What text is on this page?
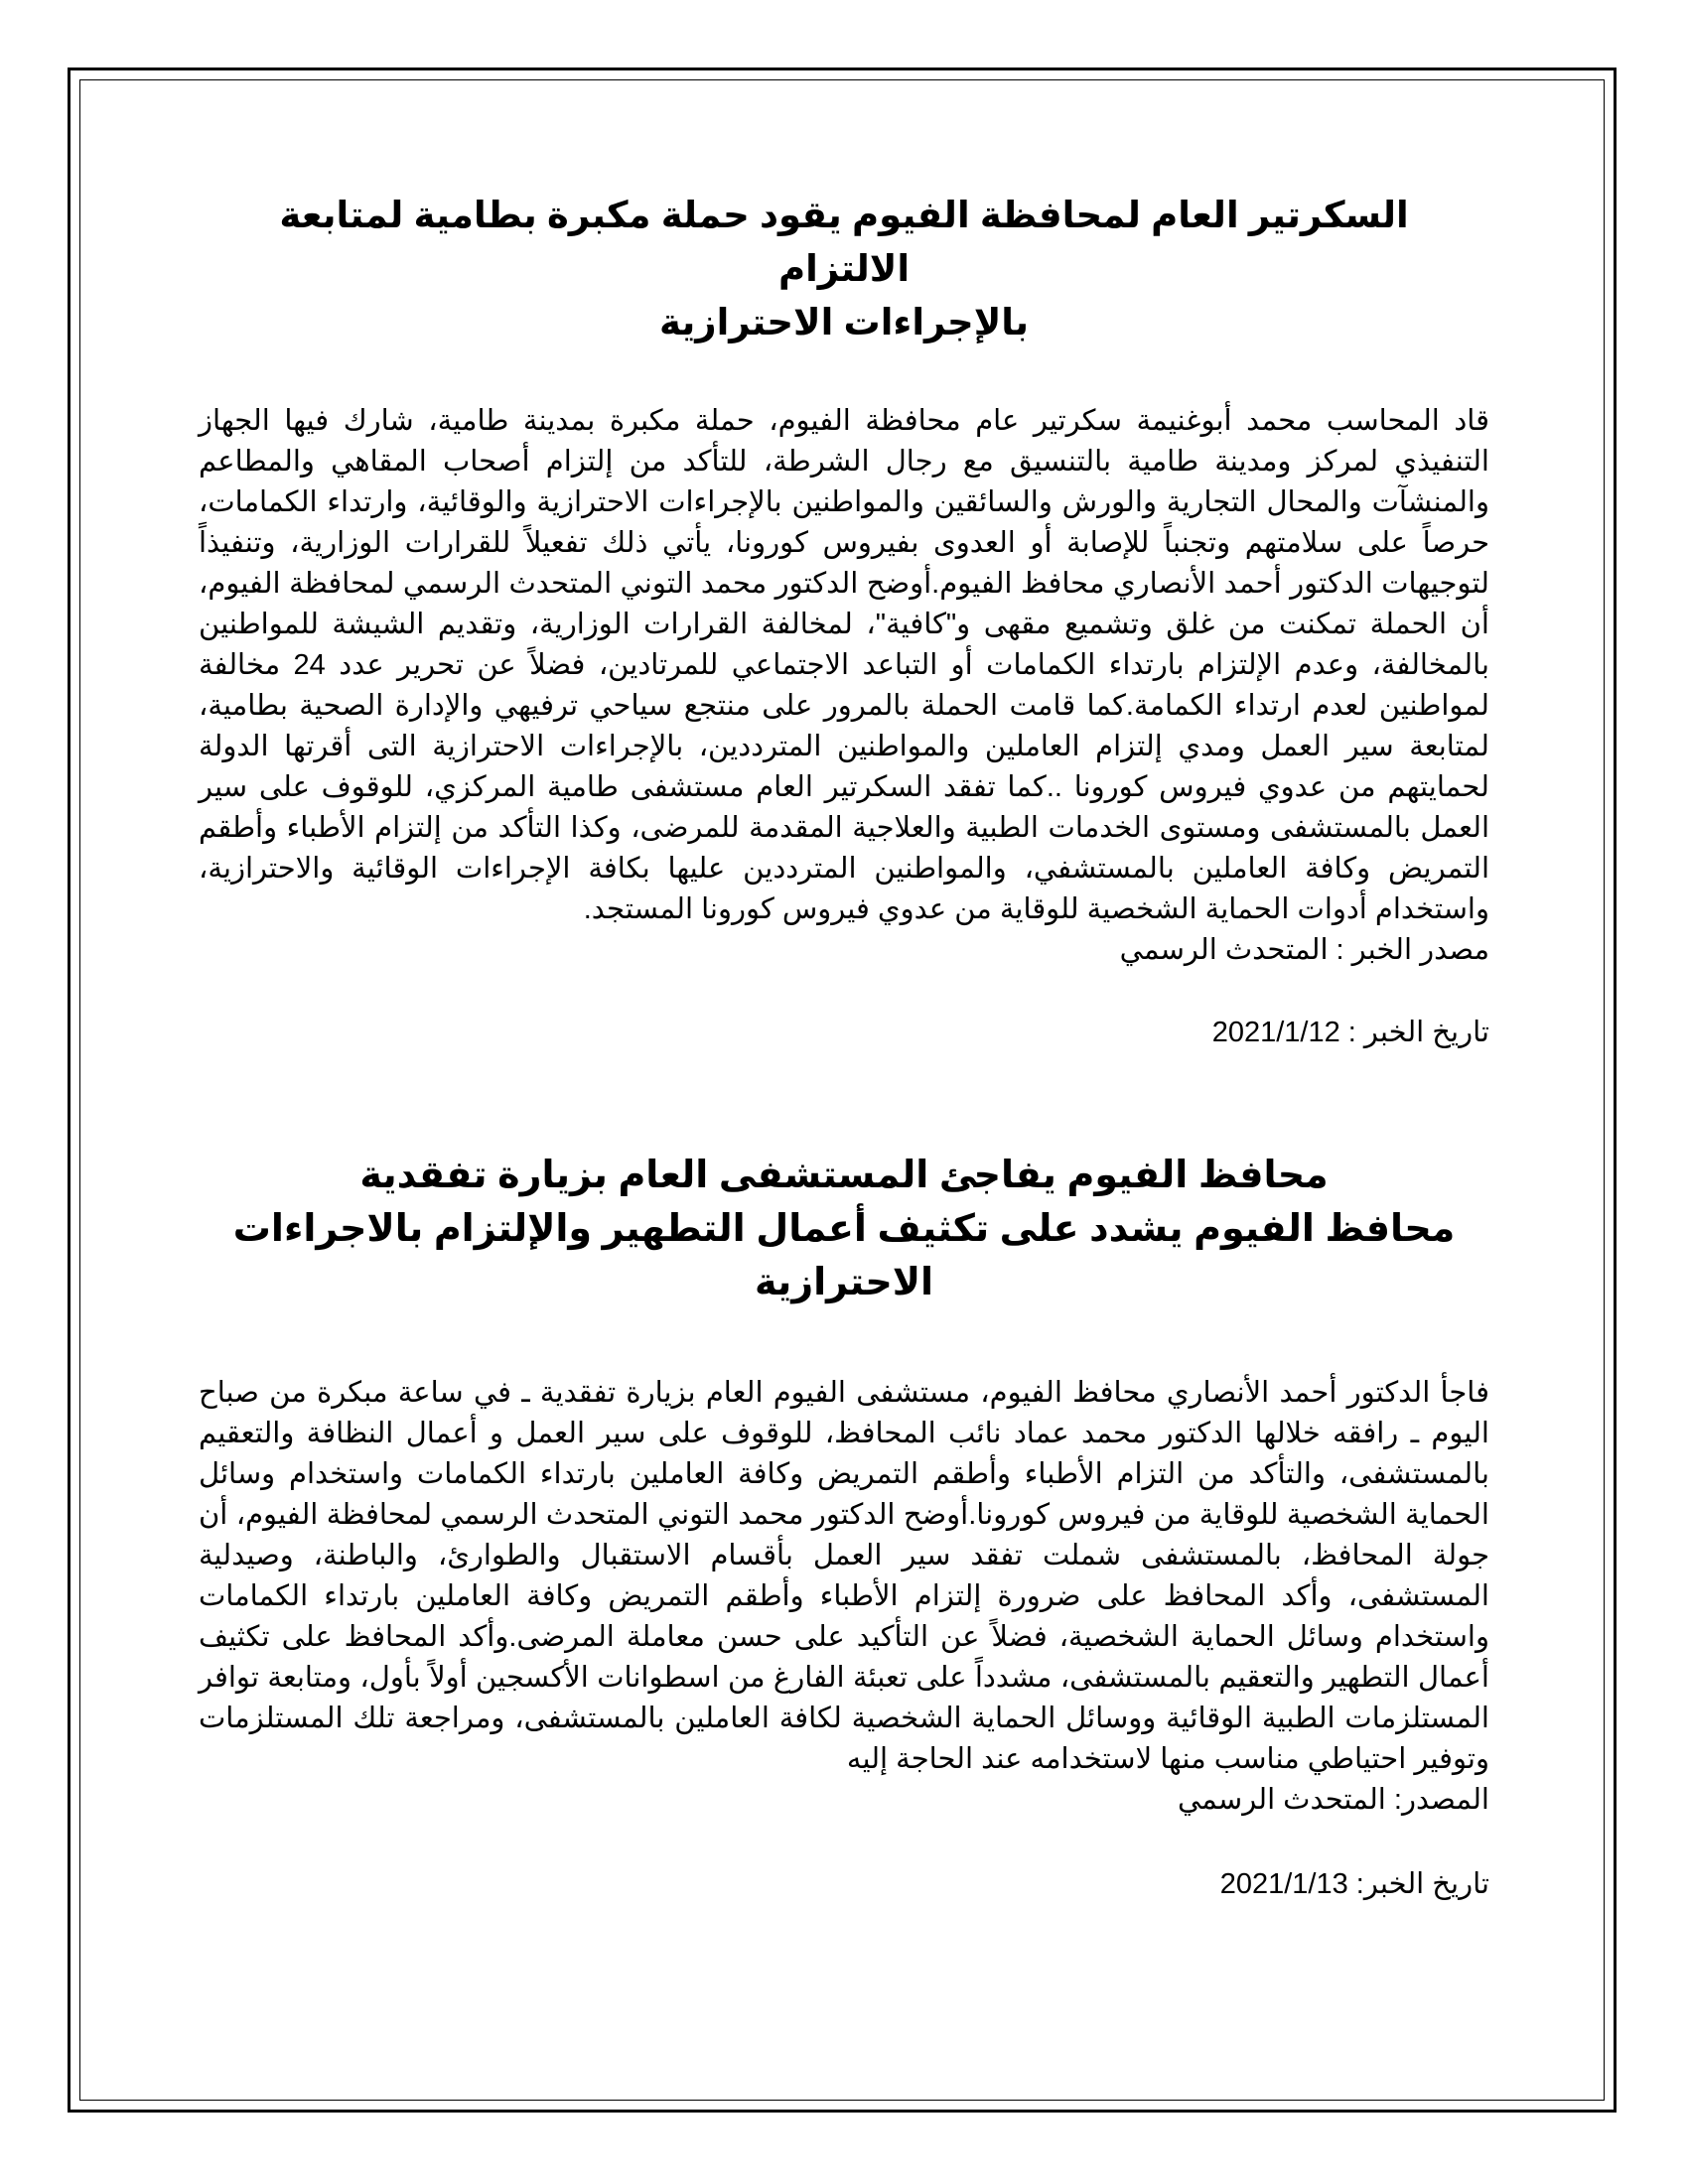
السكرتير العام لمحافظة الفيوم يقود حملة مكبرة بطامية لمتابعة الالتزام
بالإجراءات الاحترازية

قاد المحاسب محمد أبوغنيمة سكرتير عام محافظة الفيوم، حملة مكبرة بمدينة طامية، شارك فيها الجهاز التنفيذي لمركز ومدينة طامية بالتنسيق مع رجال الشرطة، للتأكد من إلتزام أصحاب المقاهي والمطاعم والمنشآت والمحال التجارية والورش والسائقين والمواطنين بالإجراءات الاحترازية والوقائية، وارتداء الكمامات، حرصاً على سلامتهم وتجنباً للإصابة أو العدوى بفيروس كورونا، يأتي ذلك تفعيلاً للقرارات الوزارية، وتنفيذاً لتوجيهات الدكتور أحمد الأنصاري محافظ الفيوم.أوضح الدكتور محمد التوني المتحدث الرسمي لمحافظة الفيوم، أن الحملة تمكنت من غلق وتشميع مقهى و"كافية"، لمخالفة القرارات الوزارية، وتقديم الشيشة للمواطنين بالمخالفة، وعدم الإلتزام بارتداء الكمامات أو التباعد الاجتماعي للمرتادين، فضلاً عن تحرير عدد 24 مخالفة لمواطنين لعدم ارتداء الكمامة.كما قامت الحملة بالمرور على منتجع سياحي ترفيهي والإدارة الصحية بطامية، لمتابعة سير العمل ومدي إلتزام العاملين والمواطنين المترددين، بالإجراءات الاحترازية التى أقرتها الدولة لحمايتهم من عدوي فيروس كورونا ..كما تفقد السكرتير العام مستشفى طامية المركزي، للوقوف على سير العمل بالمستشفى ومستوى الخدمات الطبية والعلاجية المقدمة للمرضى، وكذا التأكد من إلتزام الأطباء وأطقم التمريض وكافة العاملين بالمستشفي، والمواطنين المترددين عليها بكافة الإجراءات الوقائية والاحترازية، واستخدام أدوات الحماية الشخصية للوقاية من عدوي فيروس كورونا المستجد.

مصدر الخبر : المتحدث الرسمي

تاريخ الخبر : 2021/1/12

محافظ الفيوم يفاجئ المستشفى العام بزيارة تفقدية
محافظ الفيوم يشدد على تكثيف أعمال التطهير والإلتزام بالاجراءات الاحترازية

فاجأ الدكتور أحمد الأنصاري محافظ الفيوم، مستشفى الفيوم العام بزيارة تفقدية ـ في ساعة مبكرة من صباح اليوم ـ رافقه خلالها الدكتور محمد عماد نائب المحافظ، للوقوف على سير العمل و أعمال النظافة والتعقيم بالمستشفى، والتأكد من التزام الأطباء وأطقم التمريض وكافة العاملين بارتداء الكمامات واستخدام وسائل الحماية الشخصية للوقاية من فيروس كورونا.أوضح الدكتور محمد التوني المتحدث الرسمي لمحافظة الفيوم، أن جولة المحافظ، بالمستشفى شملت تفقد سير العمل بأقسام الاستقبال والطوارئ، والباطنة، وصيدلية المستشفى، وأكد المحافظ على ضرورة إلتزام الأطباء وأطقم التمريض وكافة العاملين بارتداء الكمامات واستخدام وسائل الحماية الشخصية، فضلاً عن التأكيد على حسن معاملة المرضى.وأكد المحافظ على تكثيف أعمال التطهير والتعقيم بالمستشفى، مشدداً على تعبئة الفارغ من اسطوانات الأكسجين أولاً بأول، ومتابعة توافر المستلزمات الطبية الوقائية ووسائل الحماية الشخصية لكافة العاملين بالمستشفى، ومراجعة تلك المستلزمات وتوفير احتياطي مناسب منها لاستخدامه عند الحاجة إليه

المصدر: المتحدث الرسمي

تاريخ الخبر: 2021/1/13
